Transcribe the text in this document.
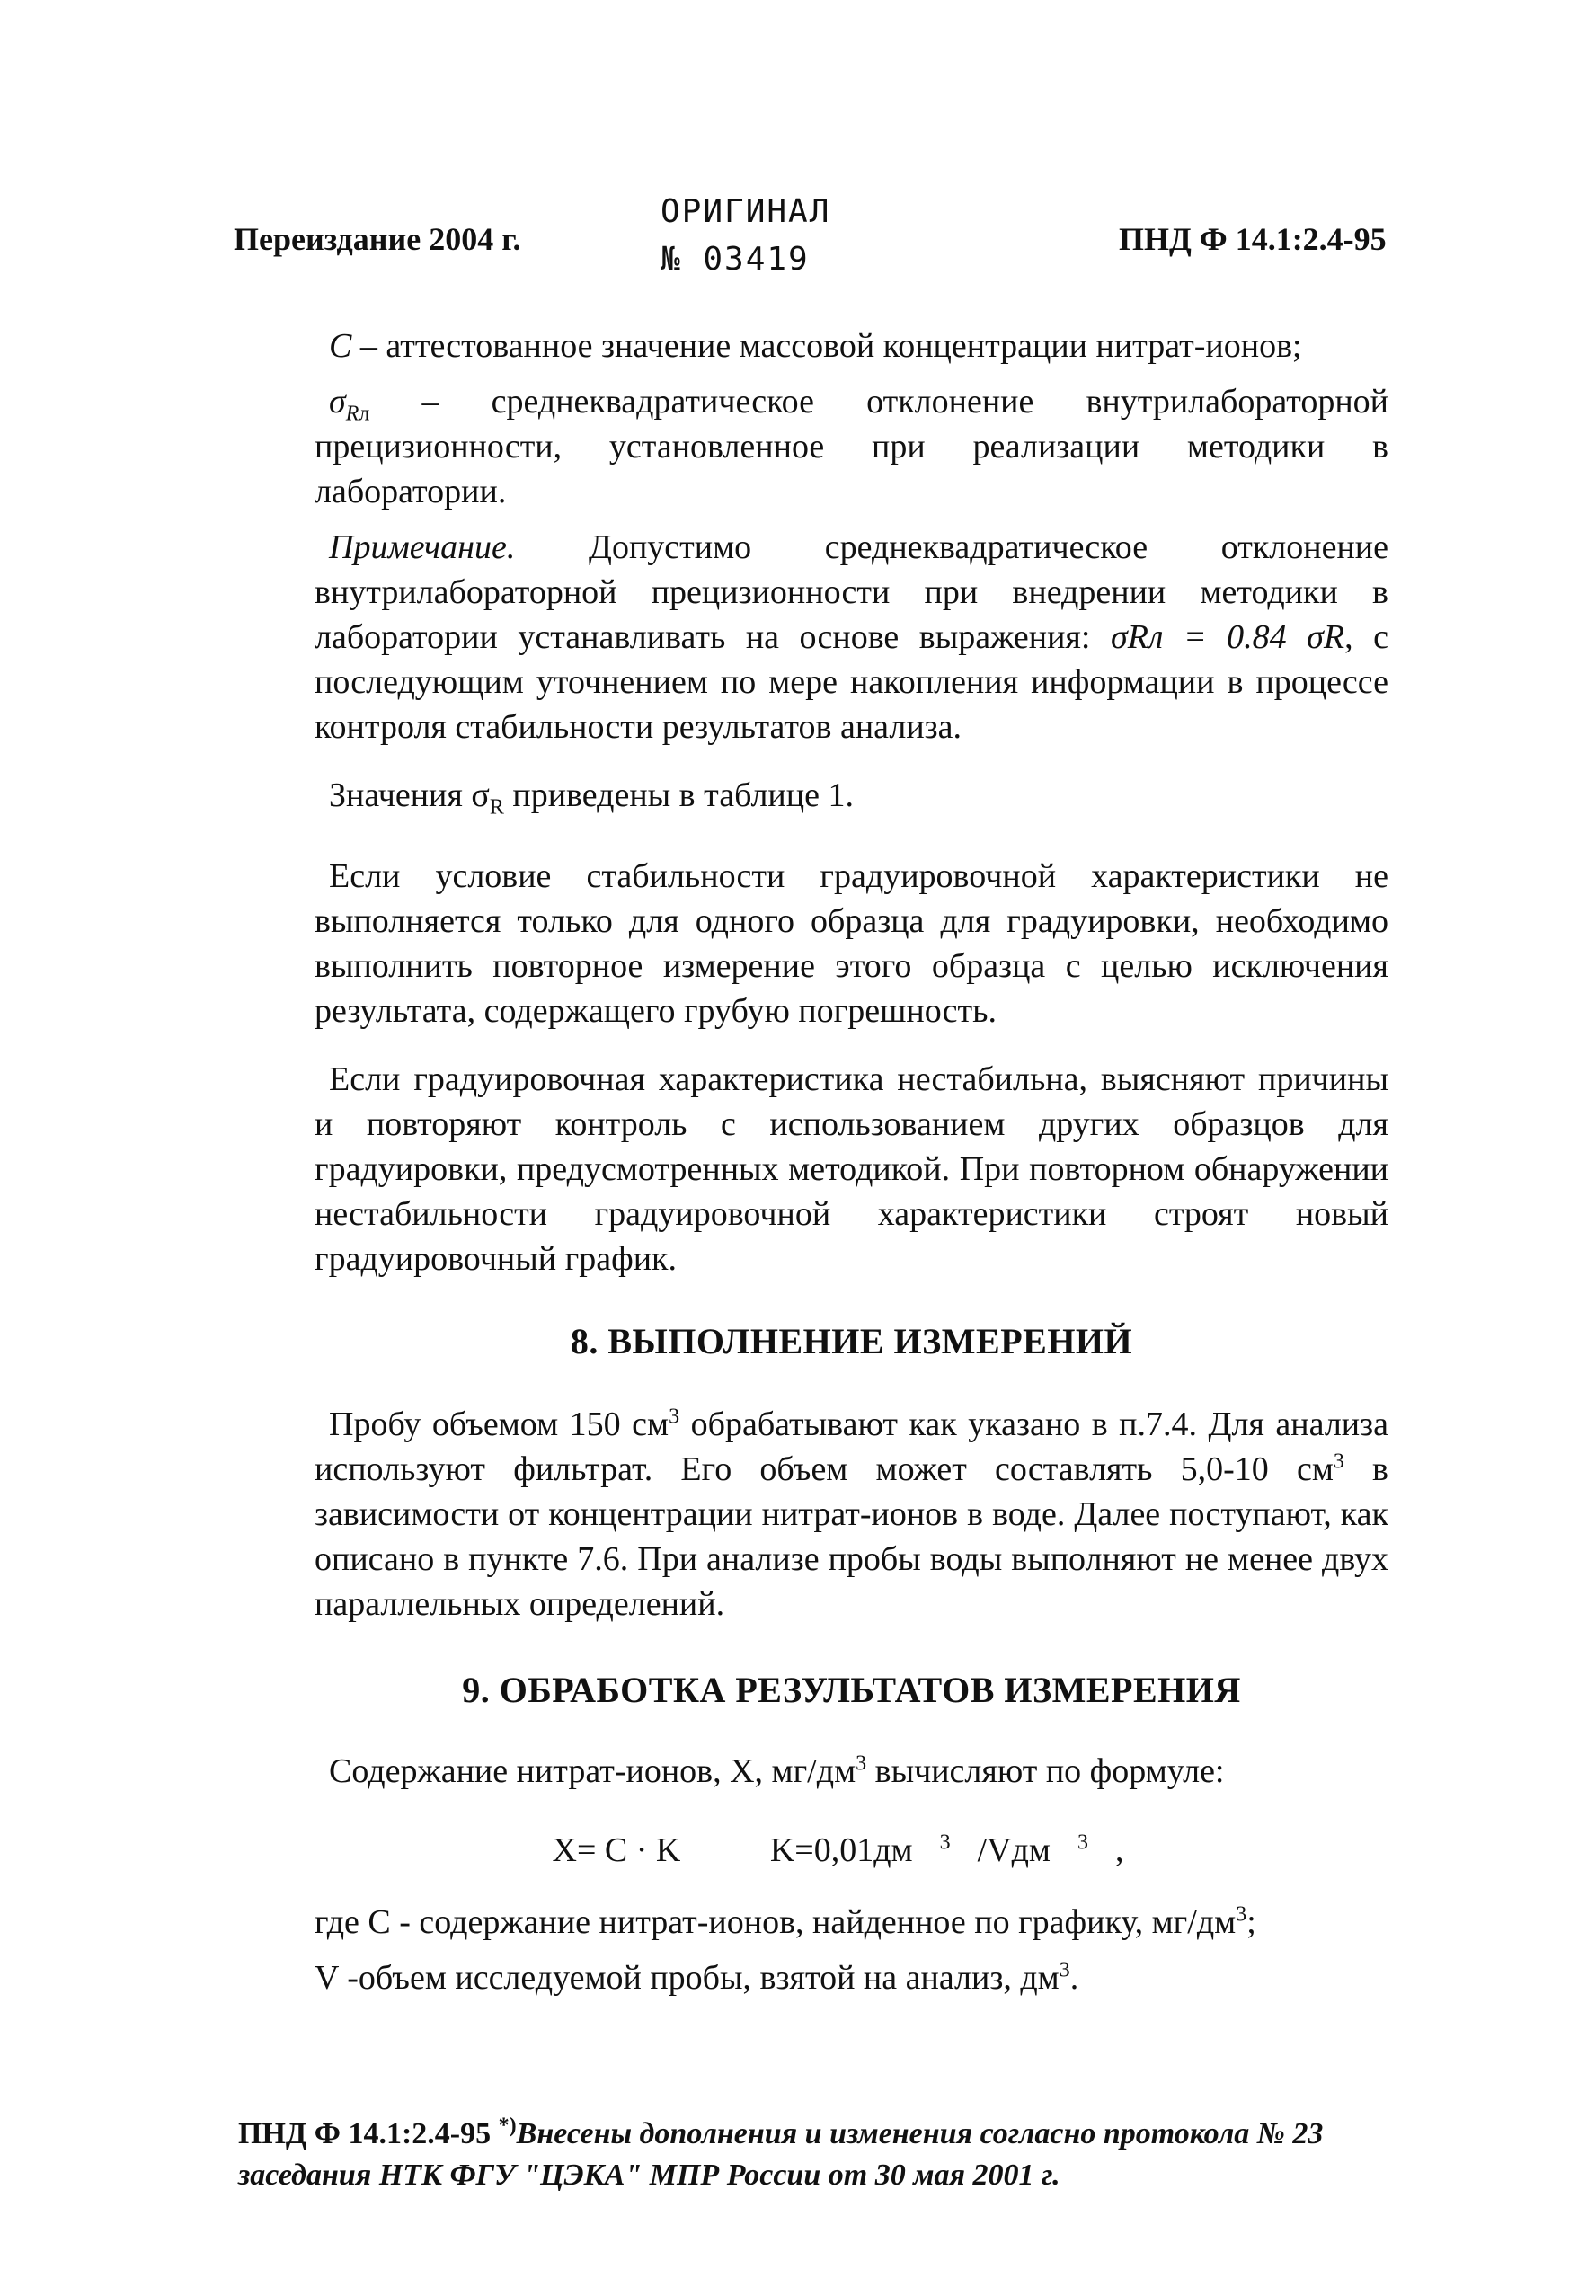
Переиздание 2004 г.
ОРИГИНАЛ
№ 03419
ПНД Ф 14.1:2.4-95

С – аттестованное значение массовой концентрации нитрат-ионов;

$\sigma_{Rл}$ – среднеквадратическое отклонение внутрилабораторной прецизионности, установленное при реализации методики в лаборатории.

Примечание. Допустимо среднеквадратическое отклонение внутрилабораторной прецизионности при внедрении методики в лаборатории устанавливать на основе выражения: σRл = 0.84 σR, с последующим уточнением по мере накопления информации в процессе контроля стабильности результатов анализа.

Значения $\sigma_R$ приведены в таблице 1.

Если условие стабильности градуировочной характеристики не выполняется только для одного образца для градуировки, необходимо выполнить повторное измерение этого образца с целью исключения результата, содержащего грубую погрешность.

Если градуировочная характеристика нестабильна, выясняют причины и повторяют контроль с использованием других образцов для градуировки, предусмотренных методикой. При повторном обнаружении нестабильности градуировочной характеристики строят новый градуировочный график.

8. ВЫПОЛНЕНИЕ ИЗМЕРЕНИЙ

Пробу объемом 150 $см^3$ обрабатывают как указано в п.7.4. Для анализа используют фильтрат. Его объем может составлять 5,0-10 $см^3$ в зависимости от концентрации нитрат-ионов в воде. Далее поступают, как описано в пункте 7.6. При анализе пробы воды выполняют не менее двух параллельных определений.

9. ОБРАБОТКА РЕЗУЛЬТАТОВ ИЗМЕРЕНИЯ

Содержание нитрат-ионов, X, $мг/дм^3$ вычисляют по формуле:

X= C · K	K=0,01дм $^3$ /Vдм $^3$ ,

где С - содержание нитрат-ионов, найденное по графику, $мг/дм^3$;

V -объем исследуемой пробы, взятой на анализ, $дм^3$.

ПНД Ф 14.1:2.4-95 *)Внесены дополнения и изменения согласно протокола № 23 заседания НТК ФГУ "ЦЭКА" МПР России от 30 мая 2001 г.
